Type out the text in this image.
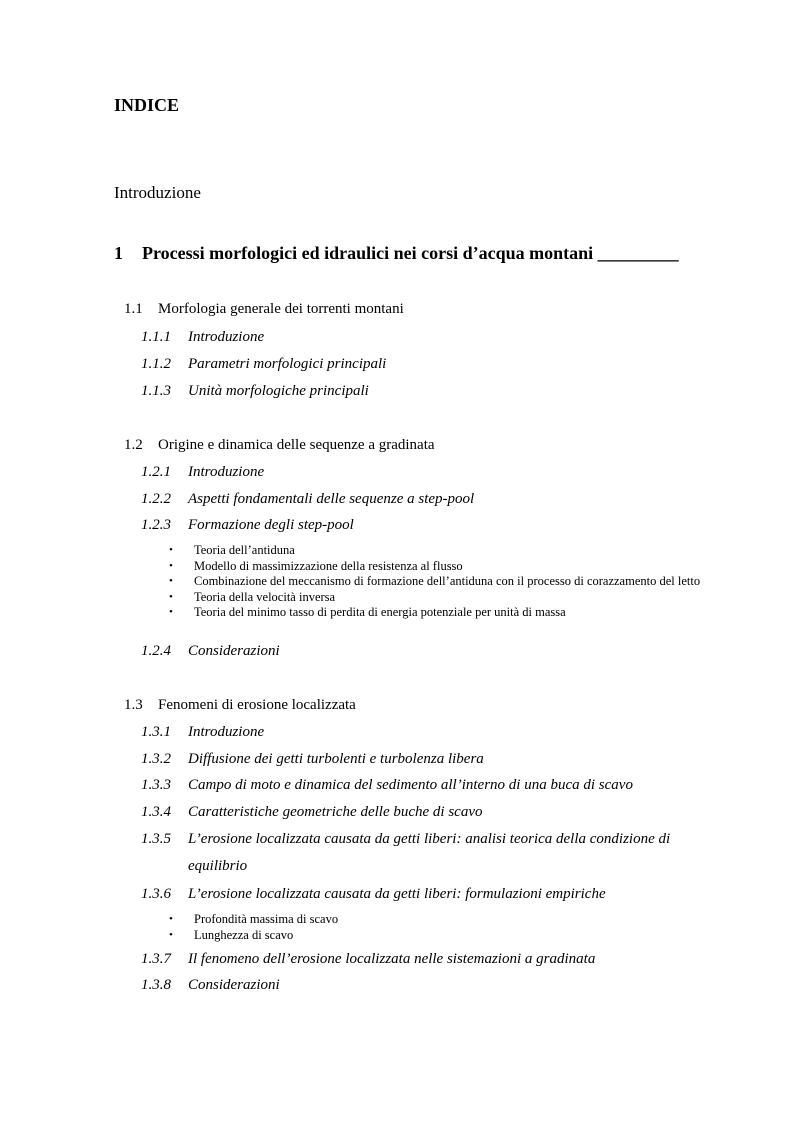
INDICE
Introduzione
1 Processi morfologici ed idraulici nei corsi d’acqua montani _________
1.1 Morfologia generale dei torrenti montani
1.1.1 Introduzione
1.1.2 Parametri morfologici principali
1.1.3 Unità morfologiche principali
1.2 Origine e dinamica delle sequenze a gradinata
1.2.1 Introduzione
1.2.2 Aspetti fondamentali delle sequenze a step-pool
1.2.3 Formazione degli step-pool
• Teoria dell’antiduna
• Modello di massimizzazione della resistenza al flusso
• Combinazione del meccanismo di formazione dell’antiduna con il processo di corazzamento del letto
• Teoria della velocità inversa
• Teoria del minimo tasso di perdita di energia potenziale per unità di massa
1.2.4 Considerazioni
1.3 Fenomeni di erosione localizzata
1.3.1 Introduzione
1.3.2 Diffusione dei getti turbolenti e turbolenza libera
1.3.3 Campo di moto e dinamica del sedimento all’interno di una buca di scavo
1.3.4 Caratteristiche geometriche delle buche di scavo
1.3.5 L’erosione localizzata causata da getti liberi: analisi teorica della condizione di
equilibrio
1.3.6 L’erosione localizzata causata da getti liberi: formulazioni empiriche
• Profondità massima di scavo
• Lunghezza di scavo
1.3.7 Il fenomeno dell’erosione localizzata nelle sistemazioni a gradinata
1.3.8 Considerazioni
